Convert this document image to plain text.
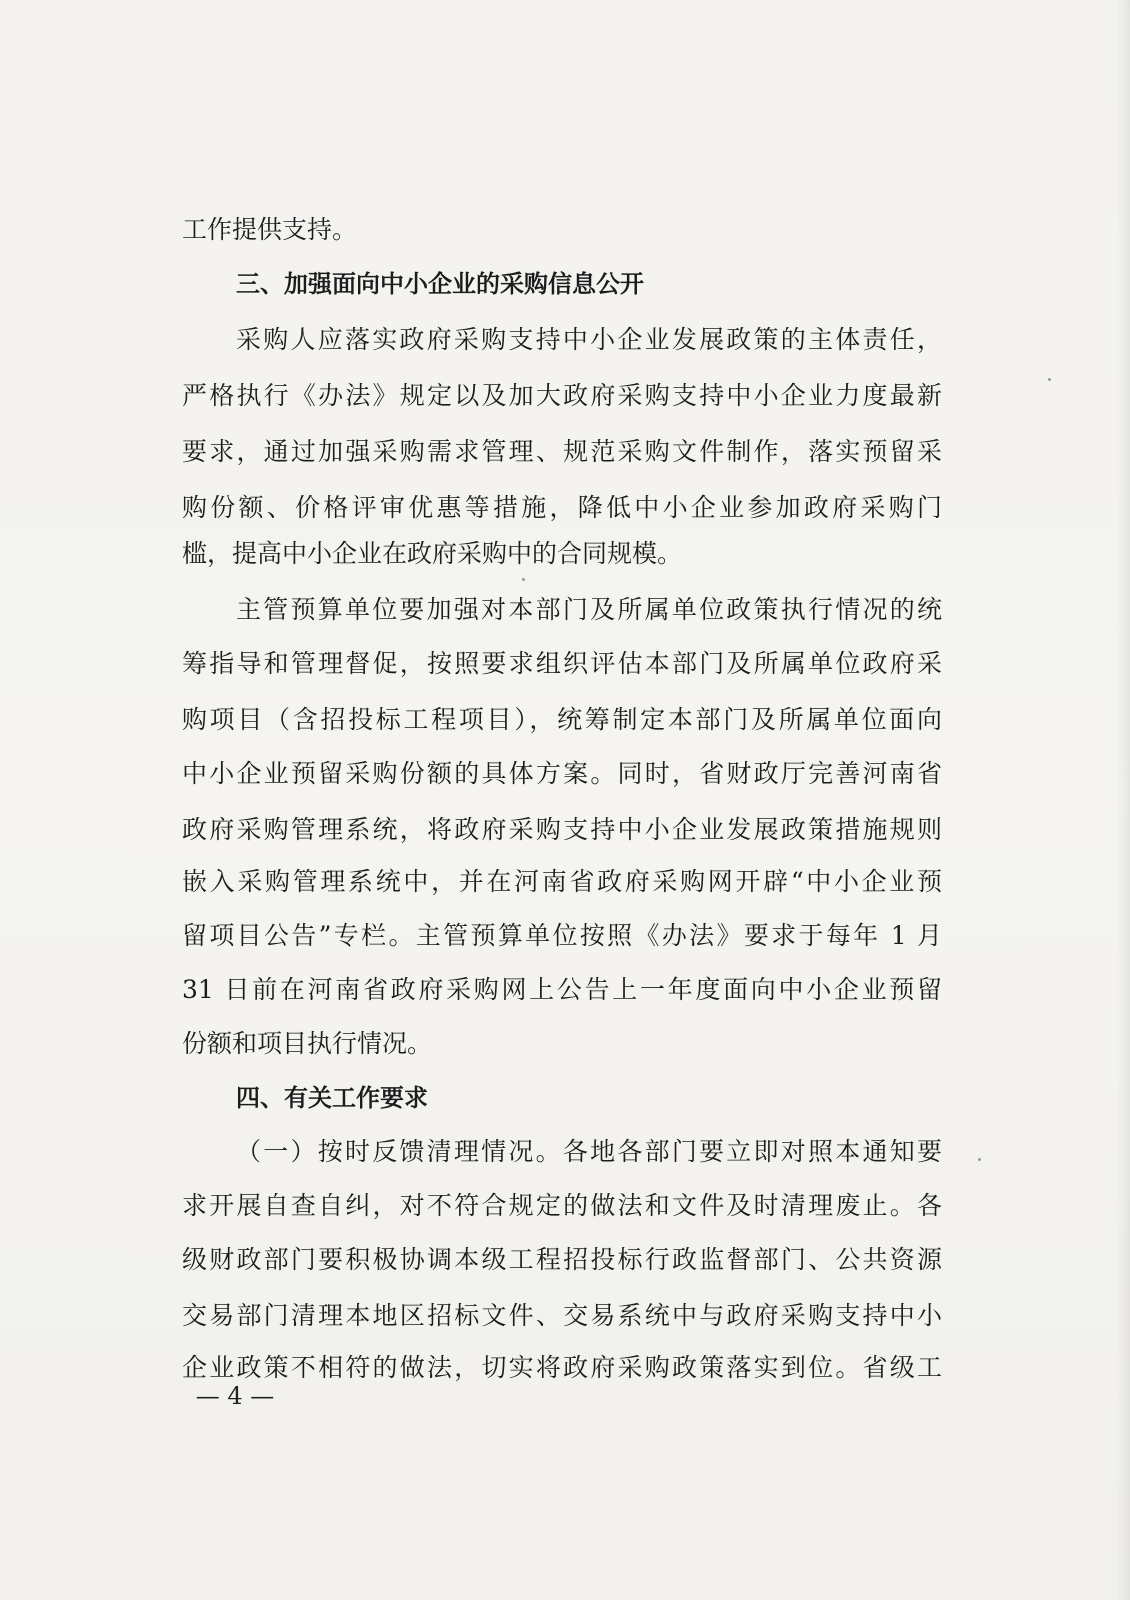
工作提供支持。
三、加强面向中小企业的采购信息公开
采购人应落实政府采购支持中小企业发展政策的主体责任，
严格执行《办法》规定以及加大政府采购支持中小企业力度最新
要求，通过加强采购需求管理、规范采购文件制作，落实预留采
购份额、价格评审优惠等措施，降低中小企业参加政府采购门
槛，提高中小企业在政府采购中的合同规模。
主管预算单位要加强对本部门及所属单位政策执行情况的统
筹指导和管理督促，按照要求组织评估本部门及所属单位政府采
购项目（含招投标工程项目），统筹制定本部门及所属单位面向
中小企业预留采购份额的具体方案。同时，省财政厅完善河南省
政府采购管理系统，将政府采购支持中小企业发展政策措施规则
嵌入采购管理系统中，并在河南省政府采购网开辟“中小企业预
留项目公告”专栏。主管预算单位按照《办法》要求于每年 1 月
31 日前在河南省政府采购网上公告上一年度面向中小企业预留
份额和项目执行情况。
四、有关工作要求
（一）按时反馈清理情况。各地各部门要立即对照本通知要
求开展自查自纠，对不符合规定的做法和文件及时清理废止。各
级财政部门要积极协调本级工程招投标行政监督部门、公共资源
交易部门清理本地区招标文件、交易系统中与政府采购支持中小
企业政策不相符的做法，切实将政府采购政策落实到位。省级工
— 4 —
